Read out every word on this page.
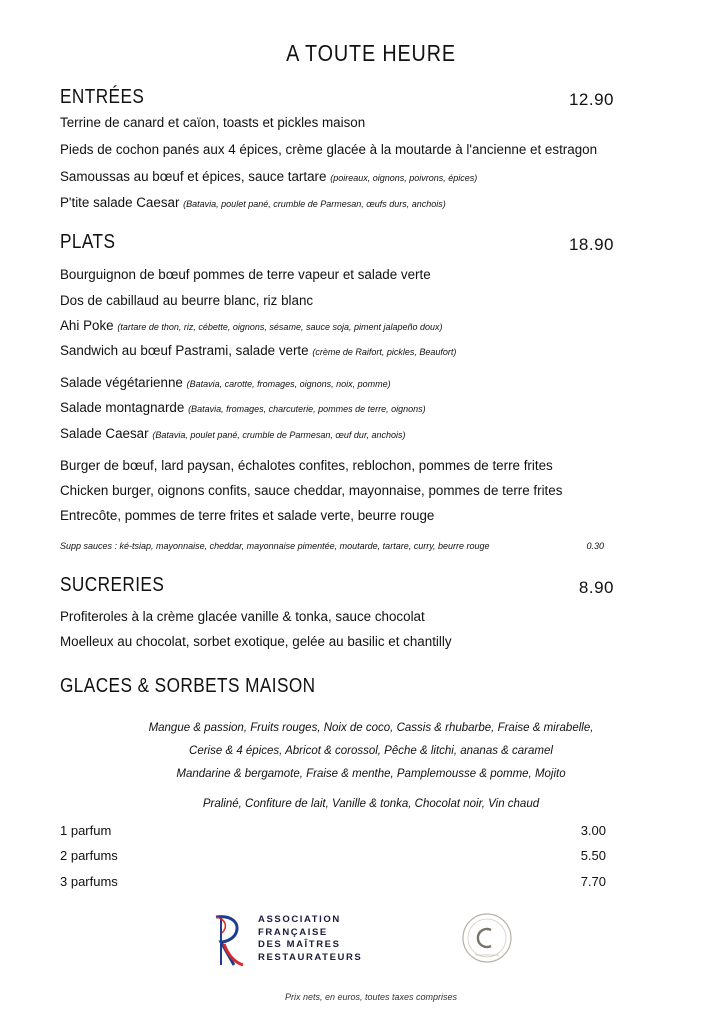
A TOUTE HEURE
ENTRÉES	12.90
Terrine de canard et caïon, toasts et pickles maison
Pieds de cochon panés aux 4 épices, crème glacée à la moutarde à l'ancienne et estragon
Samoussas au bœuf et épices, sauce tartare (poireaux, oignons, poivrons, épices)
P'tite salade Caesar (Batavia, poulet pané, crumble de Parmesan, œufs durs, anchois)
PLATS	18.90
Bourguignon de bœuf pommes de terre vapeur et salade verte
Dos de cabillaud au beurre blanc, riz blanc
Ahi Poke (tartare de thon, riz, cébette, oignons, sésame, sauce soja, piment jalapeño doux)
Sandwich au bœuf Pastrami, salade verte (crème de Raifort, pickles, Beaufort)
Salade végétarienne (Batavia, carotte, fromages, oignons, noix, pomme)
Salade montagnarde (Batavia, fromages, charcuterie, pommes de terre, oignons)
Salade Caesar (Batavia, poulet pané, crumble de Parmesan, œuf dur, anchois)
Burger de bœuf, lard paysan, échalotes confites, reblochon, pommes de terre frites
Chicken burger, oignons confits, sauce cheddar, mayonnaise, pommes de terre frites
Entrecôte, pommes de terre frites et salade verte, beurre rouge
Supp sauces : ké-tsiap, mayonnaise, cheddar, mayonnaise pimentée, moutarde, tartare, curry, beurre rouge	0.30
SUCRERIES	8.90
Profiteroles à la crème glacée vanille & tonka, sauce chocolat
Moelleux au chocolat, sorbet exotique, gelée au basilic et chantilly
GLACES & SORBETS MAISON
Mangue & passion, Fruits rouges, Noix de coco, Cassis & rhubarbe, Fraise & mirabelle,
Cerise & 4 épices, Abricot & corossol, Pêche & litchi, ananas & caramel
Mandarine & bergamote, Fraise & menthe, Pamplemousse & pomme, Mojito
Praliné, Confiture de lait, Vanille & tonka, Chocolat noir, Vin chaud
1 parfum	3.00
2 parfums	5.50
3 parfums	7.70
ASSOCIATION
FRANÇAISE
DES MAÎTRES
RESTAURATEURS
Prix nets, en euros, toutes taxes comprises
